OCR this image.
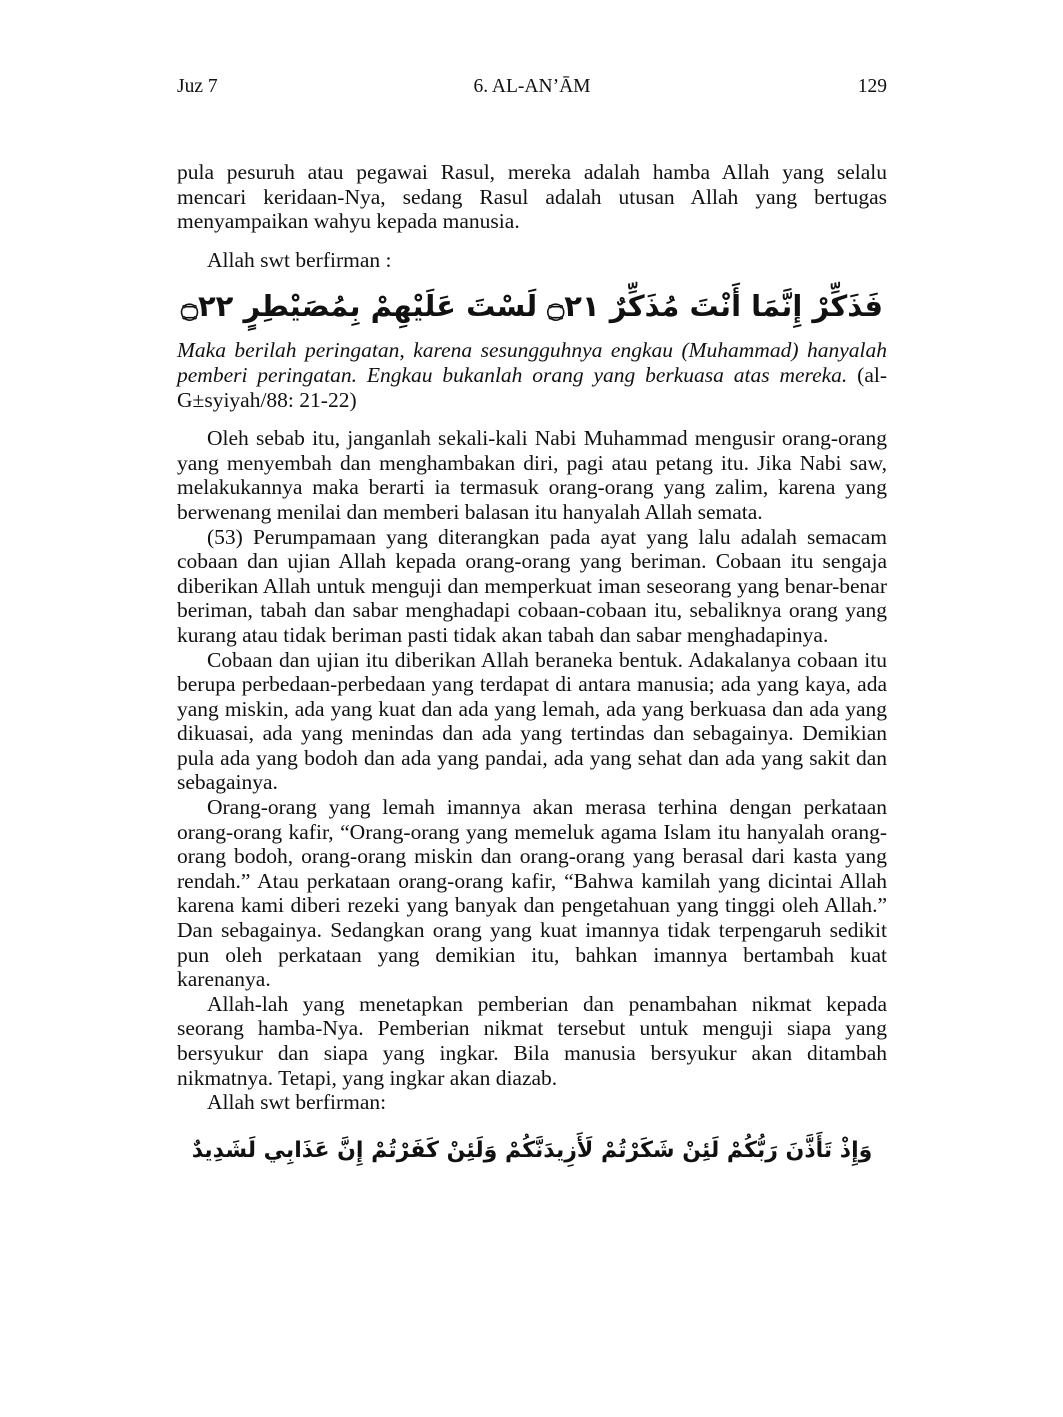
Juz 7	6. AL-AN’ĀM	129

pula pesuruh atau pegawai Rasul, mereka adalah hamba Allah yang selalu mencari keridaan-Nya, sedang Rasul adalah utusan Allah yang bertugas menyampaikan wahyu kepada manusia.

Allah swt berfirman :

فَذَكِّرْ إِنَّمَا أَنْتَ مُذَكِّرٌ ۝٢١ لَسْتَ عَلَيْهِمْ بِمُصَيْطِرٍ ۝٢٢

Maka berilah peringatan, karena sesungguhnya engkau (Muhammad) hanyalah pemberi peringatan. Engkau bukanlah orang yang berkuasa atas mereka. (al-G±syiyah/88: 21-22)

Oleh sebab itu, janganlah sekali-kali Nabi Muhammad mengusir orang-orang yang menyembah dan menghambakan diri, pagi atau petang itu. Jika Nabi saw, melakukannya maka berarti ia termasuk orang-orang yang zalim, karena yang berwenang menilai dan memberi balasan itu hanyalah Allah semata.

(53) Perumpamaan yang diterangkan pada ayat yang lalu adalah semacam cobaan dan ujian Allah kepada orang-orang yang beriman. Cobaan itu sengaja diberikan Allah untuk menguji dan memperkuat iman seseorang yang benar-benar beriman, tabah dan sabar menghadapi cobaan-cobaan itu, sebaliknya orang yang kurang atau tidak beriman pasti tidak akan tabah dan sabar menghadapinya.

Cobaan dan ujian itu diberikan Allah beraneka bentuk. Adakalanya cobaan itu berupa perbedaan-perbedaan yang terdapat di antara manusia; ada yang kaya, ada yang miskin, ada yang kuat dan ada yang lemah, ada yang berkuasa dan ada yang dikuasai, ada yang menindas dan ada yang tertindas dan sebagainya. Demikian pula ada yang bodoh dan ada yang pandai, ada yang sehat dan ada yang sakit dan sebagainya.

Orang-orang yang lemah imannya akan merasa terhina dengan perkataan orang-orang kafir, “Orang-orang yang memeluk agama Islam itu hanyalah orang-orang bodoh, orang-orang miskin dan orang-orang yang berasal dari kasta yang rendah.” Atau perkataan orang-orang kafir, “Bahwa kamilah yang dicintai Allah karena kami diberi rezeki yang banyak dan pengetahuan yang tinggi oleh Allah.” Dan sebagainya. Sedangkan orang yang kuat imannya tidak terpengaruh sedikit pun oleh perkataan yang demikian itu, bahkan imannya bertambah kuat karenanya.

Allah-lah yang menetapkan pemberian dan penambahan nikmat kepada seorang hamba-Nya. Pemberian nikmat tersebut untuk menguji siapa yang bersyukur dan siapa yang ingkar. Bila manusia bersyukur akan ditambah nikmatnya. Tetapi, yang ingkar akan diazab.

Allah swt berfirman:

وَإِذْ تَأَذَّنَ رَبُّكُمْ لَئِنْ شَكَرْتُمْ لَأَزِيدَنَّكُمْ وَلَئِنْ كَفَرْتُمْ إِنَّ عَذَابِي لَشَدِيدٌ
